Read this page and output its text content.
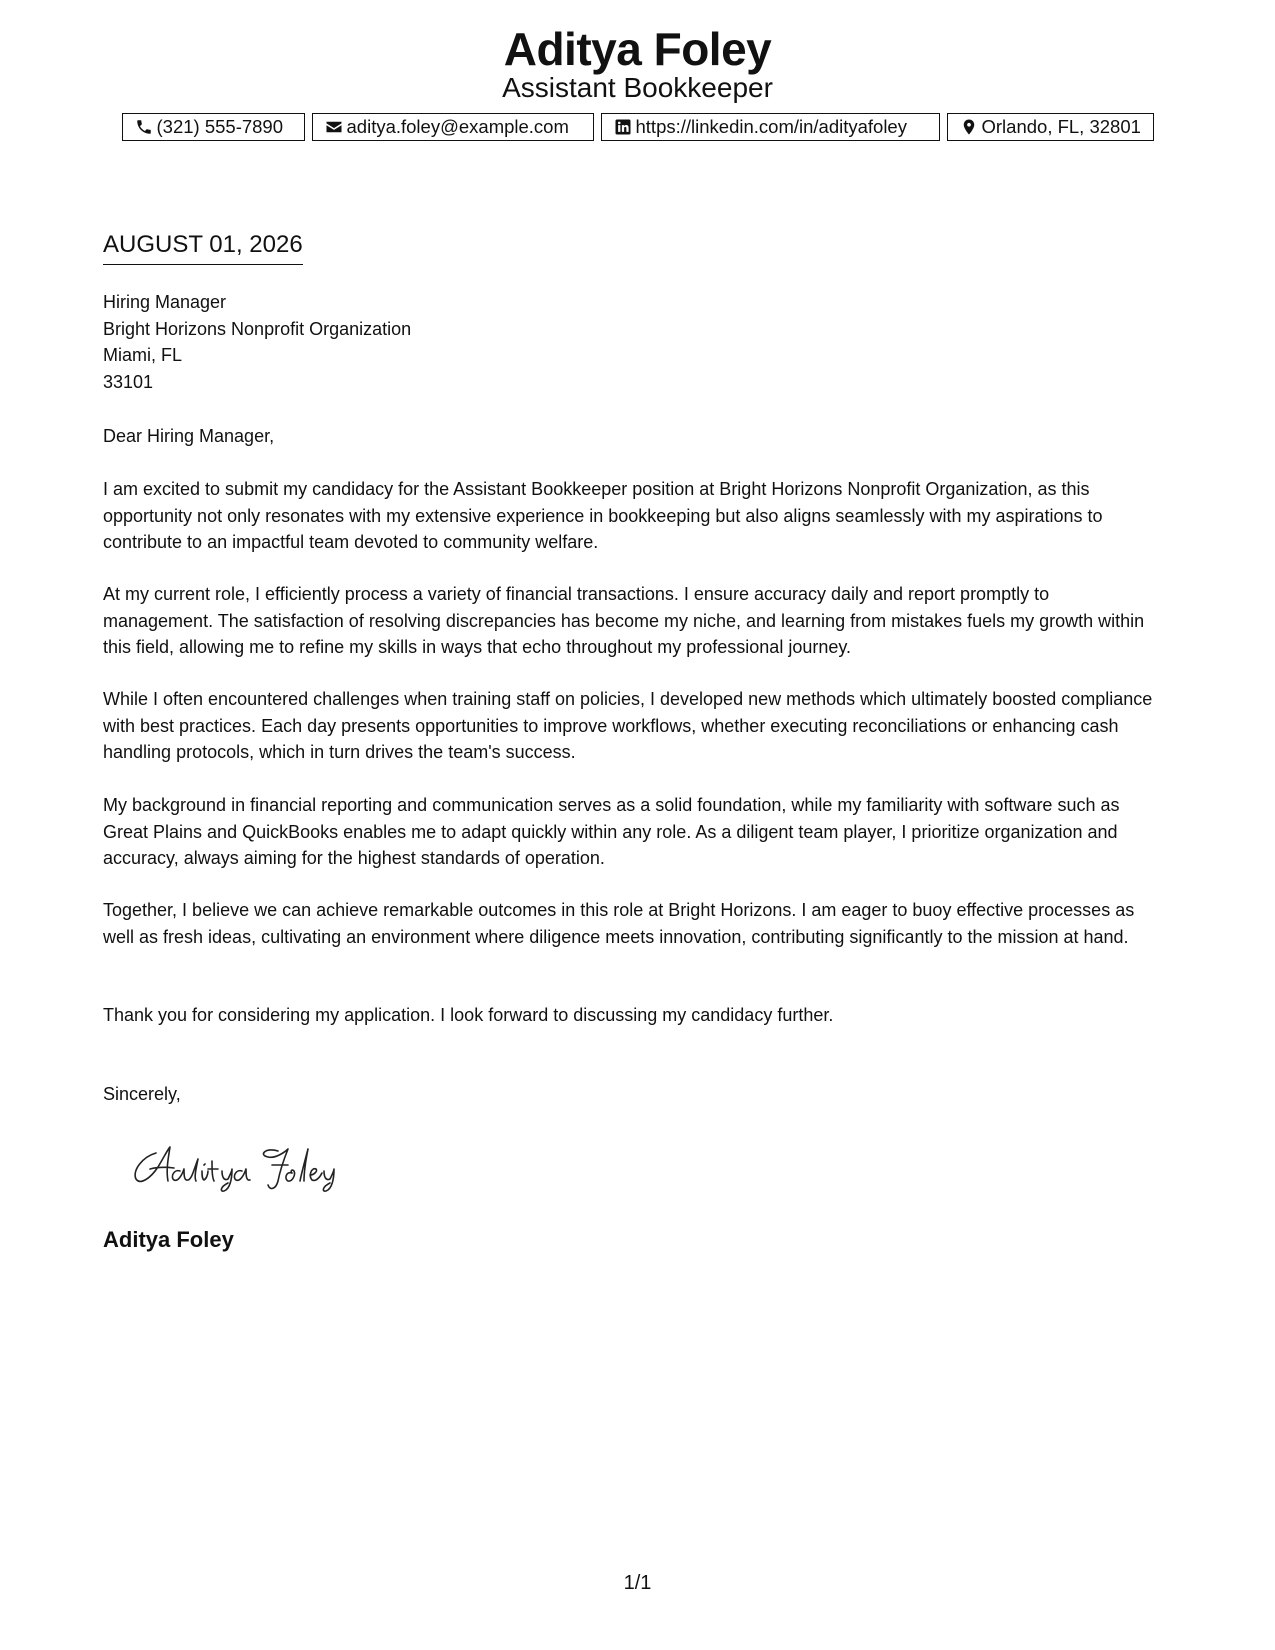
Aditya Foley
Assistant Bookkeeper
(321) 555-7890	aditya.foley@example.com	https://linkedin.com/in/adityafoley	Orlando, FL, 32801
AUGUST 01, 2026
Hiring Manager
Bright Horizons Nonprofit Organization
Miami, FL
33101
Dear Hiring Manager,
I am excited to submit my candidacy for the Assistant Bookkeeper position at Bright Horizons Nonprofit Organization, as this opportunity not only resonates with my extensive experience in bookkeeping but also aligns seamlessly with my aspirations to contribute to an impactful team devoted to community welfare.
At my current role, I efficiently process a variety of financial transactions. I ensure accuracy daily and report promptly to management. The satisfaction of resolving discrepancies has become my niche, and learning from mistakes fuels my growth within this field, allowing me to refine my skills in ways that echo throughout my professional journey.
While I often encountered challenges when training staff on policies, I developed new methods which ultimately boosted compliance with best practices. Each day presents opportunities to improve workflows, whether executing reconciliations or enhancing cash handling protocols, which in turn drives the team's success.
My background in financial reporting and communication serves as a solid foundation, while my familiarity with software such as Great Plains and QuickBooks enables me to adapt quickly within any role. As a diligent team player, I prioritize organization and accuracy, always aiming for the highest standards of operation.
Together, I believe we can achieve remarkable outcomes in this role at Bright Horizons. I am eager to buoy effective processes as well as fresh ideas, cultivating an environment where diligence meets innovation, contributing significantly to the mission at hand.
Thank you for considering my application. I look forward to discussing my candidacy further.
Sincerely,
Aditya Foley
1/1
